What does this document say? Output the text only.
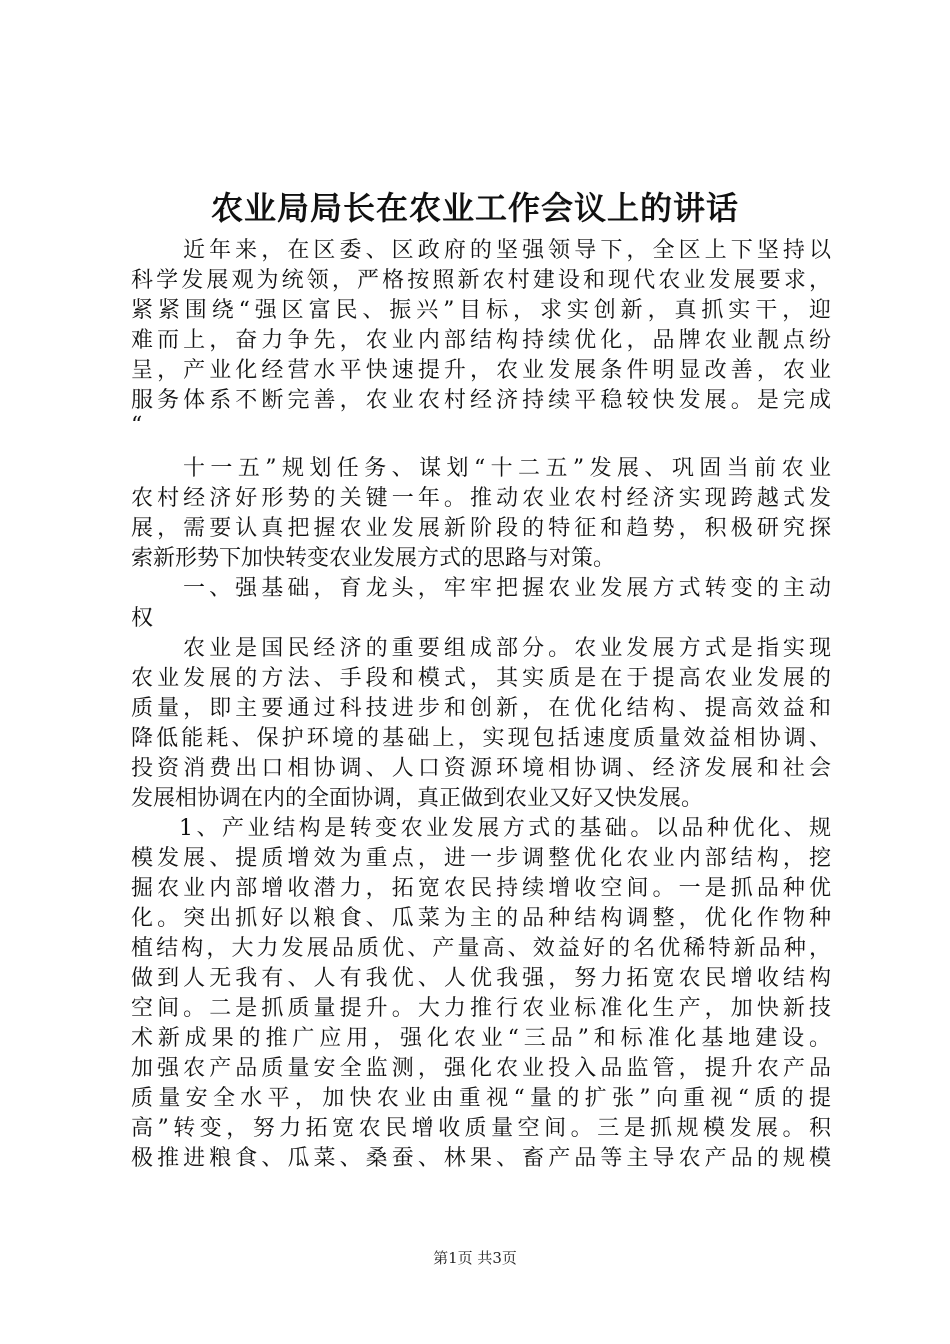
农业局局长在农业工作会议上的讲话
近年来，在区委、区政府的坚强领导下，全区上下坚持以
科学发展观为统领，严格按照新农村建设和现代农业发展要求，
紧紧围绕“强区富民、振兴”目标，求实创新，真抓实干，迎
难而上，奋力争先，农业内部结构持续优化，品牌农业靓点纷
呈，产业化经营水平快速提升，农业发展条件明显改善，农业
服务体系不断完善，农业农村经济持续平稳较快发展。是完成
“
十一五”规划任务、谋划“十二五”发展、巩固当前农业
农村经济好形势的关键一年。推动农业农村经济实现跨越式发
展，需要认真把握农业发展新阶段的特征和趋势，积极研究探
索新形势下加快转变农业发展方式的思路与对策。
一、强基础，育龙头，牢牢把握农业发展方式转变的主动
权
农业是国民经济的重要组成部分。农业发展方式是指实现
农业发展的方法、手段和模式，其实质是在于提高农业发展的
质量，即主要通过科技进步和创新，在优化结构、提高效益和
降低能耗、保护环境的基础上，实现包括速度质量效益相协调、
投资消费出口相协调、人口资源环境相协调、经济发展和社会
发展相协调在内的全面协调，真正做到农业又好又快发展。
1、产业结构是转变农业发展方式的基础。以品种优化、规
模发展、提质增效为重点，进一步调整优化农业内部结构，挖
掘农业内部增收潜力，拓宽农民持续增收空间。一是抓品种优
化。突出抓好以粮食、瓜菜为主的品种结构调整，优化作物种
植结构，大力发展品质优、产量高、效益好的名优稀特新品种，
做到人无我有、人有我优、人优我强，努力拓宽农民增收结构
空间。二是抓质量提升。大力推行农业标准化生产，加快新技
术新成果的推广应用，强化农业“三品”和标准化基地建设。
加强农产品质量安全监测，强化农业投入品监管，提升农产品
质量安全水平，加快农业由重视“量的扩张”向重视“质的提
高”转变，努力拓宽农民增收质量空间。三是抓规模发展。积
极推进粮食、瓜菜、桑蚕、林果、畜产品等主导农产品的规模
第1页 共3页
